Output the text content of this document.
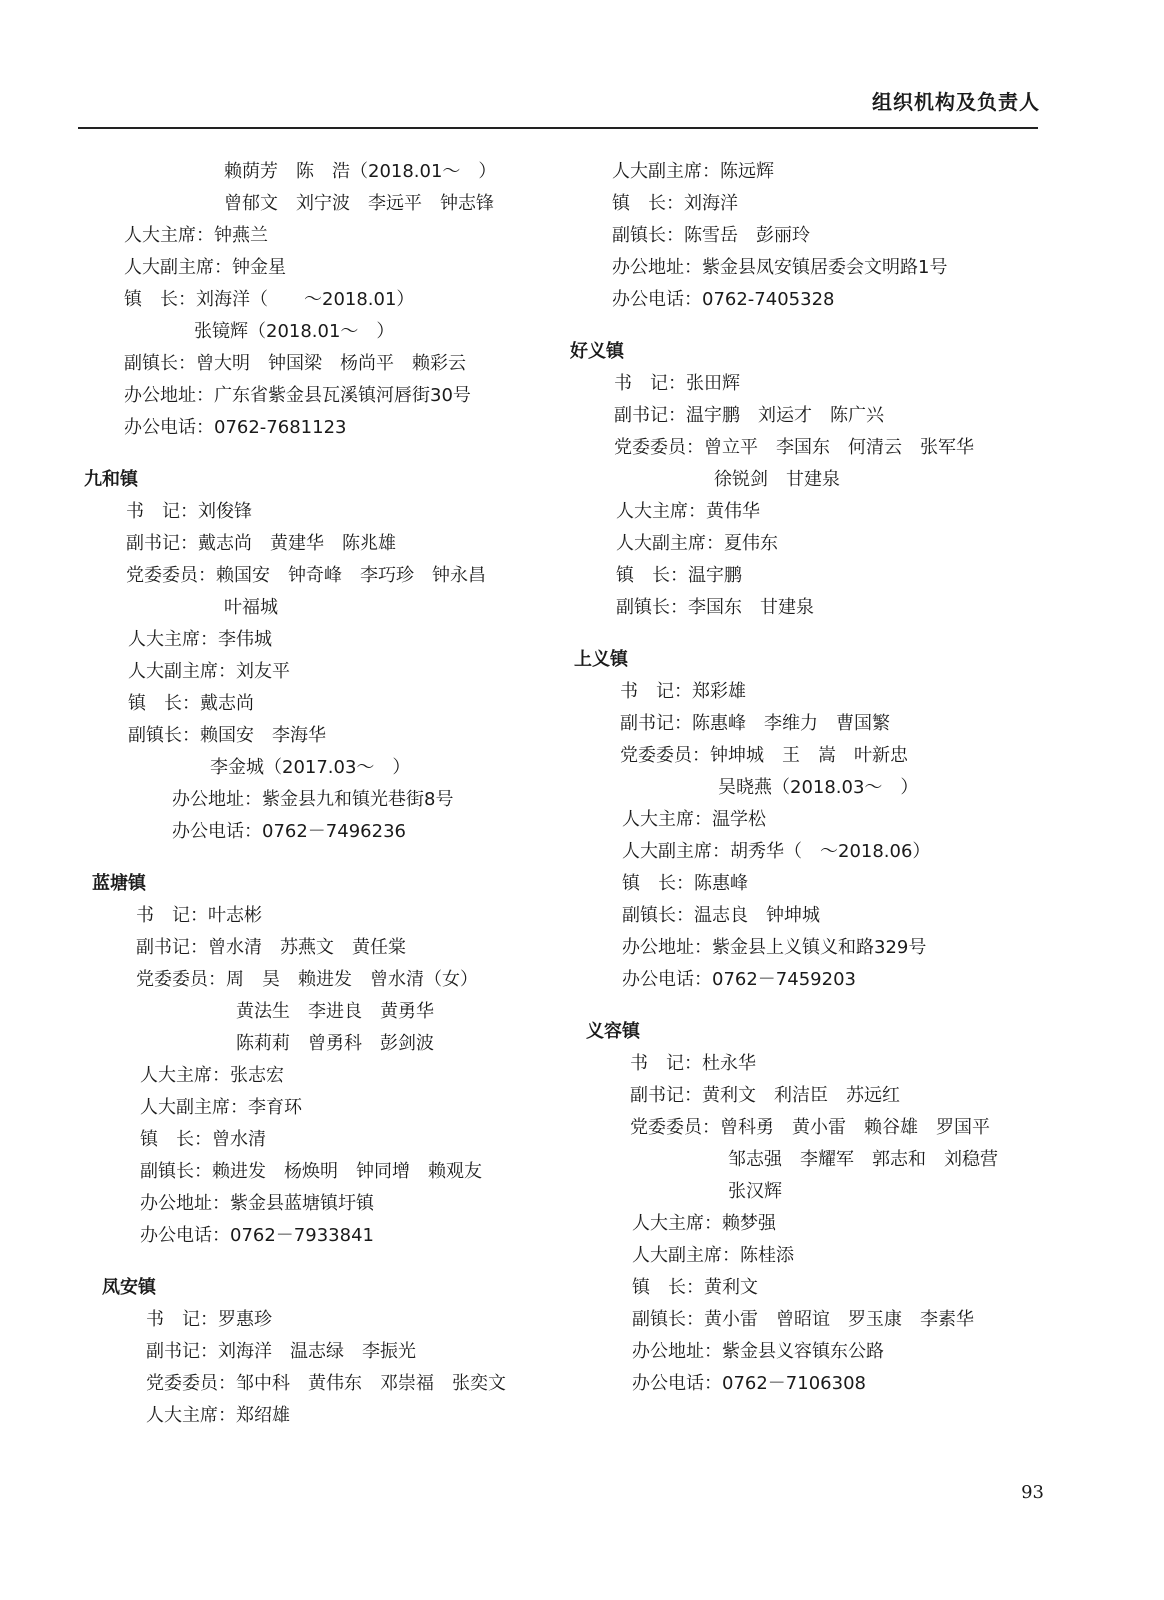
组织机构及负责人
赖荫芳　陈　浩（2018.01～　）
曾郁文　刘宁波　李远平　钟志锋
人大主席：钟燕兰
人大副主席：钟金星
镇　长：刘海洋（　　～2018.01）
张镜辉（2018.01～　）
副镇长：曾大明　钟国梁　杨尚平　赖彩云
办公地址：广东省紫金县瓦溪镇河唇街30号
办公电话：0762-7681123
九和镇
书　记：刘俊锋
副书记：戴志尚　黄建华　陈兆雄
党委委员：赖国安　钟奇峰　李巧珍　钟永昌
叶福城
人大主席：李伟城
人大副主席：刘友平
镇　长：戴志尚
副镇长：赖国安　李海华
李金城（2017.03～　）
办公地址：紫金县九和镇光巷街8号
办公电话：0762－7496236
蓝塘镇
书　记：叶志彬
副书记：曾水清　苏燕文　黄任棠
党委委员：周　昊　赖进发　曾水清（女）
黄法生　李进良　黄勇华
陈莉莉　曾勇科　彭剑波
人大主席：张志宏
人大副主席：李育环
镇　长：曾水清
副镇长：赖进发　杨焕明　钟同增　赖观友
办公地址：紫金县蓝塘镇圩镇
办公电话：0762－7933841
凤安镇
书　记：罗惠珍
副书记：刘海洋　温志绿　李振光
党委委员：邹中科　黄伟东　邓崇福　张奕文
人大主席：郑绍雄
人大副主席：陈远辉
镇　长：刘海洋
副镇长：陈雪岳　彭丽玲
办公地址：紫金县凤安镇居委会文明路1号
办公电话：0762-7405328
好义镇
书　记：张田辉
副书记：温宇鹏　刘运才　陈广兴
党委委员：曾立平　李国东　何清云　张军华
徐锐剑　甘建泉
人大主席：黄伟华
人大副主席：夏伟东
镇　长：温宇鹏
副镇长：李国东　甘建泉
上义镇
书　记：郑彩雄
副书记：陈惠峰　李维力　曹国繁
党委委员：钟坤城　王　嵩　叶新忠
吴晓燕（2018.03～　）
人大主席：温学松
人大副主席：胡秀华（　～2018.06）
镇　长：陈惠峰
副镇长：温志良　钟坤城
办公地址：紫金县上义镇义和路329号
办公电话：0762－7459203
义容镇
书　记：杜永华
副书记：黄利文　利洁臣　苏远红
党委委员：曾科勇　黄小雷　赖谷雄　罗国平
邹志强　李耀军　郭志和　刘稳营
张汉辉
人大主席：赖梦强
人大副主席：陈桂添
镇　长：黄利文
副镇长：黄小雷　曾昭谊　罗玉康　李素华
办公地址：紫金县义容镇东公路
办公电话：0762－7106308
93
